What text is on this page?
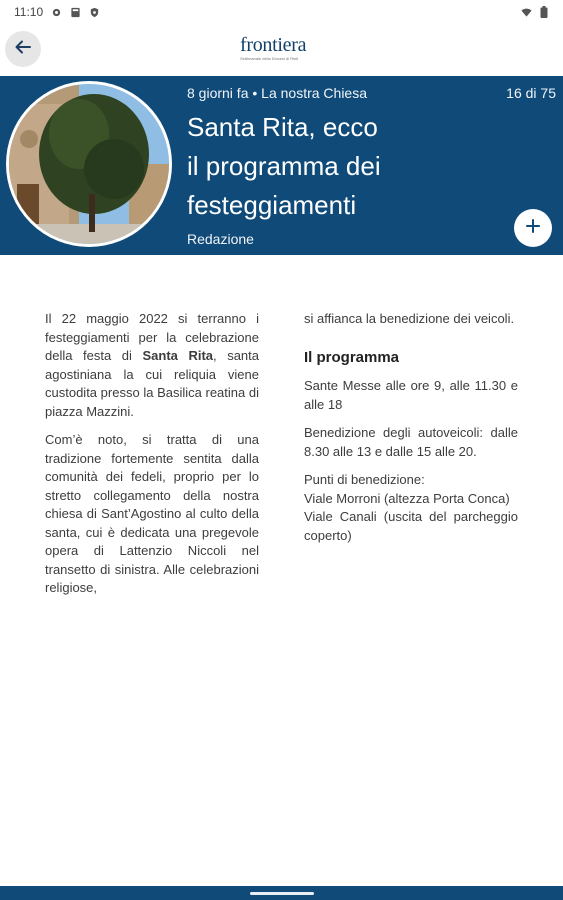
11:10
frontiera
Settimanale della Diocesi di Rieti
8 giorni fa • La nostra Chiesa	16 di 75
Santa Rita, ecco
il programma dei
festeggiamenti
Redazione

Il 22 maggio 2022 si terranno i festeggiamenti per la celebrazione della festa di Santa Rita, santa agostiniana la cui reliquia viene custodita presso la Basilica reatina di piazza Mazzini.

Com’è noto, si tratta di una tradizione fortemente sentita dalla comunità dei fedeli, proprio per lo stretto collegamento della nostra chiesa di Sant’Agostino al culto della santa, cui è dedicata una pregevole opera di Lattenzio Niccoli nel transetto di sinistra. Alle celebrazioni religiose,

si affianca la benedizione dei veicoli.

Il programma

Sante Messe alle ore 9, alle 11.30 e alle 18

Benedizione degli autoveicoli: dalle 8.30 alle 13 e dalle 15 alle 20.

Punti di benedizione:
Viale Morroni (altezza Porta Conca)
Viale Canali (uscita del parcheggio coperto)
